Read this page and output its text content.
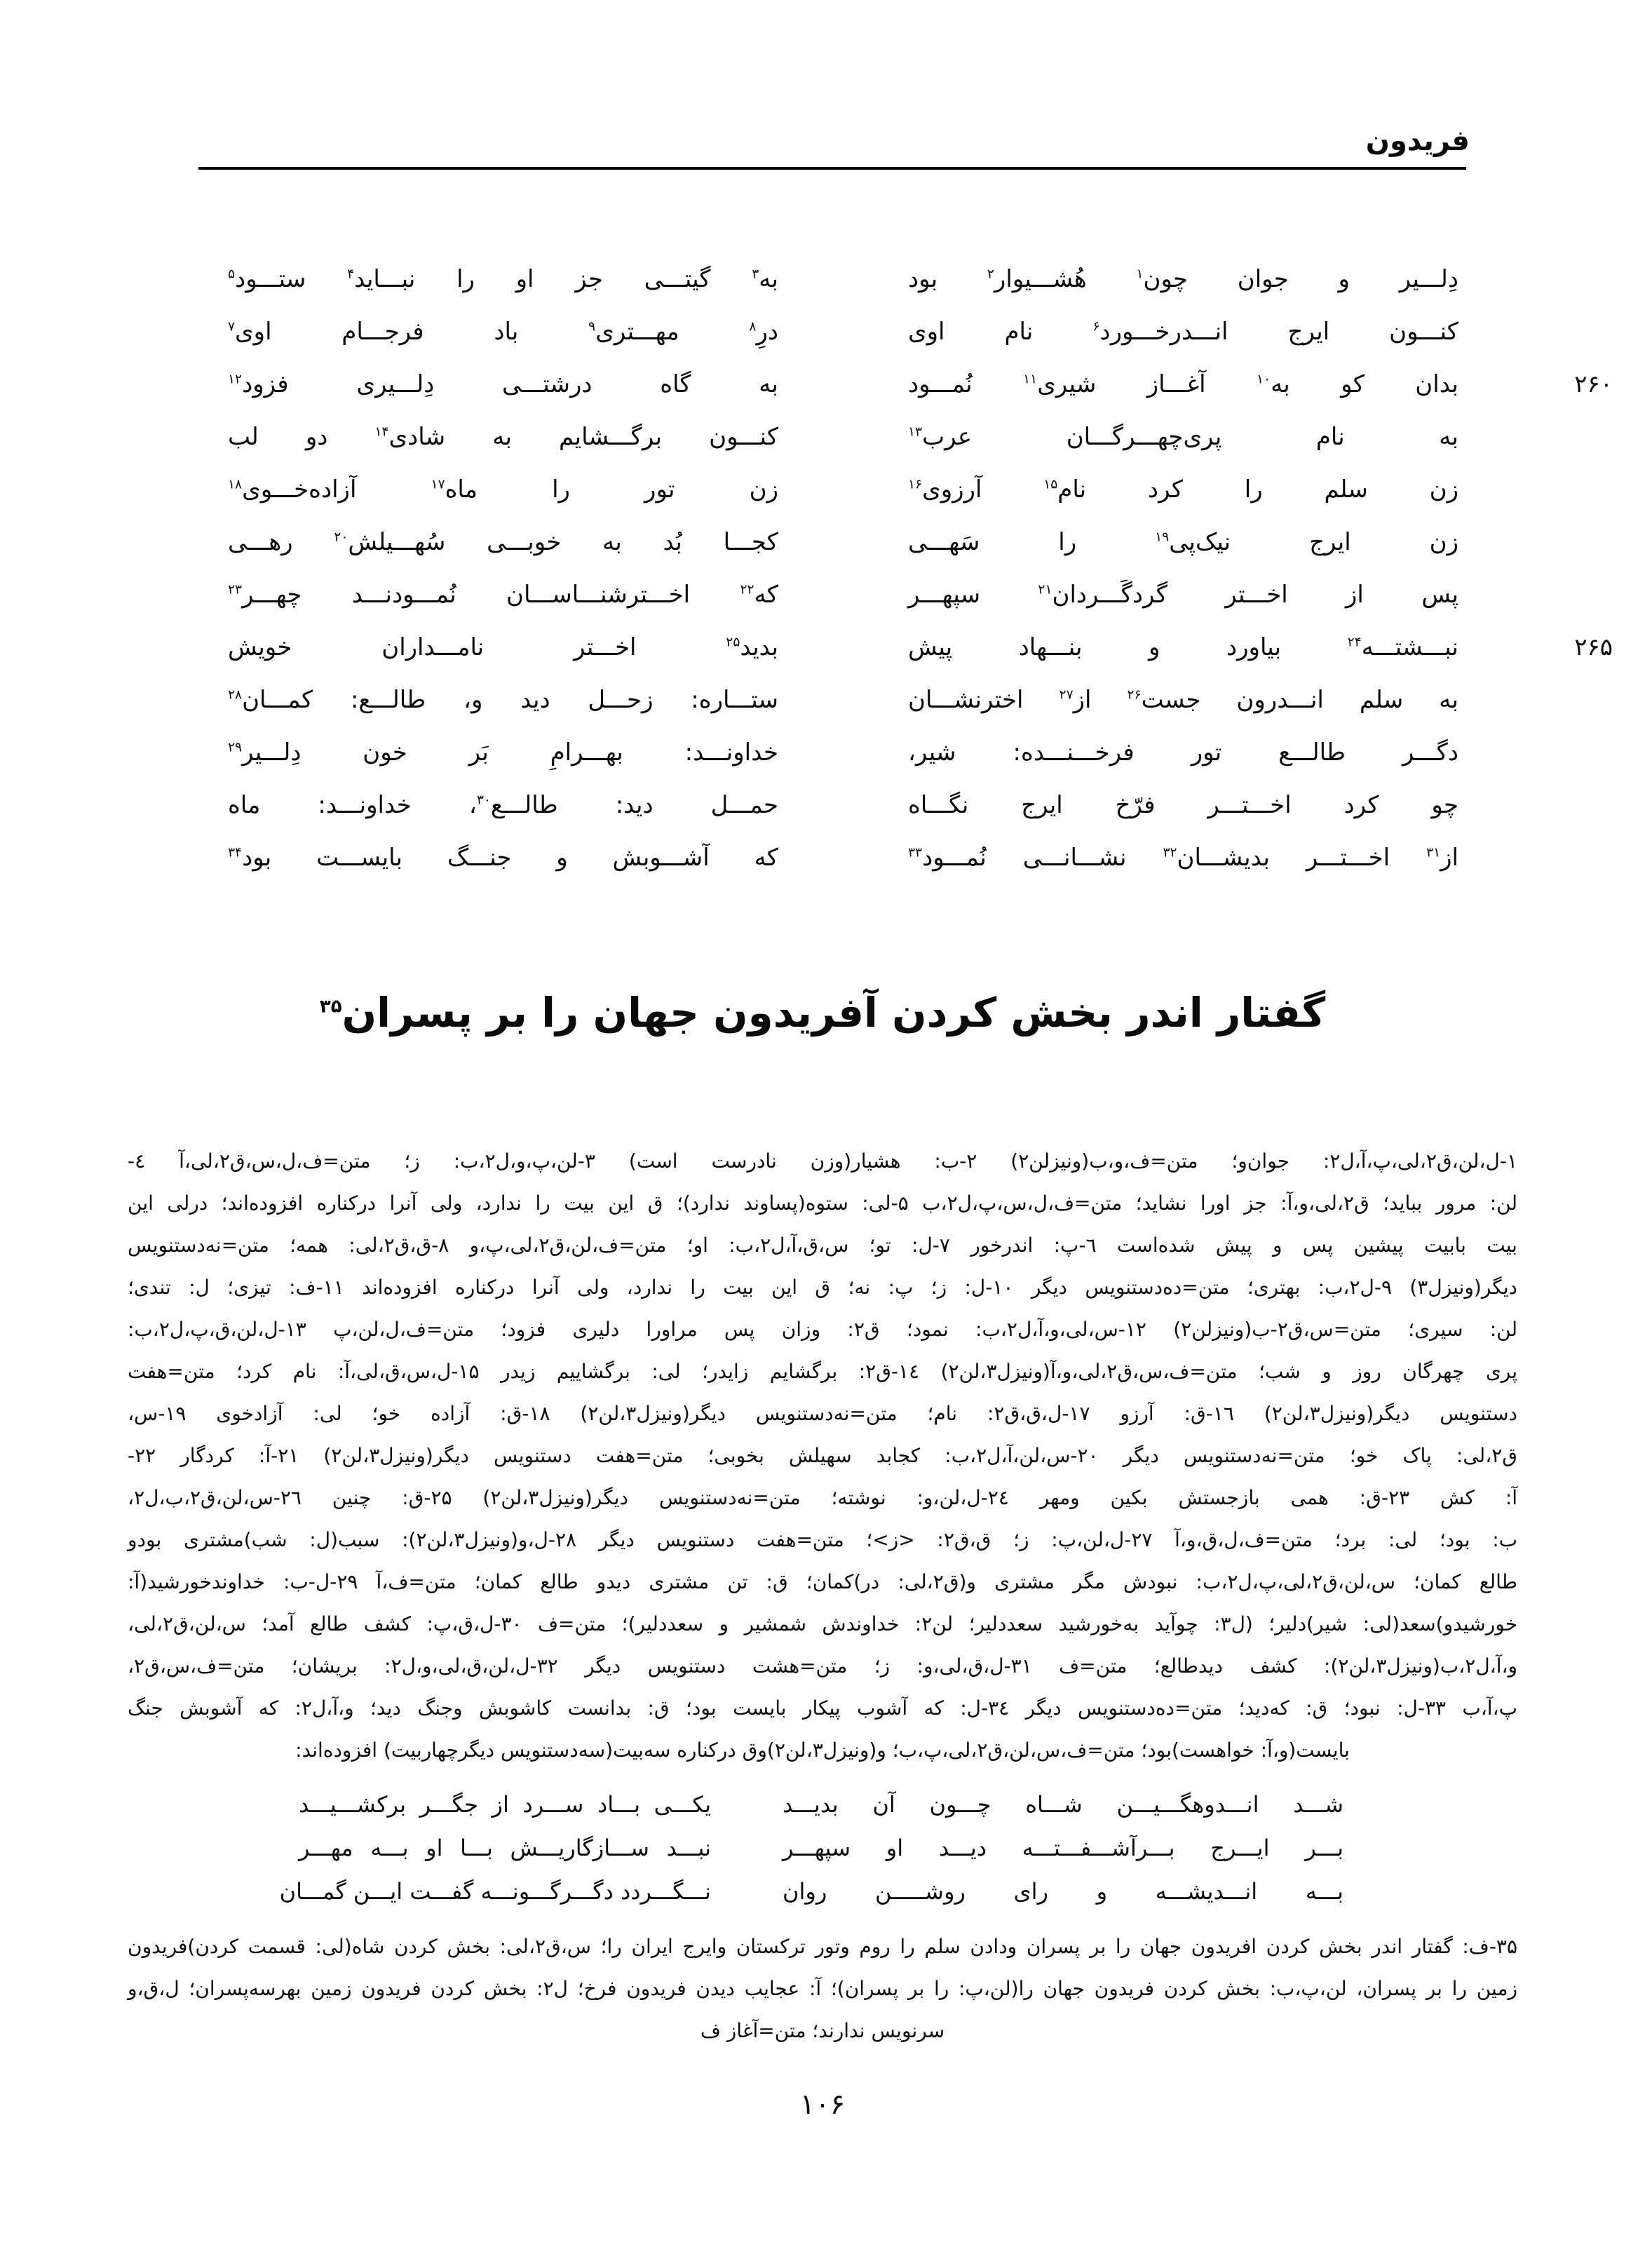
فریدون
دِلـــیر و جوان چون$^۱$ هُشـــیوار$^۲$ بود
به$^۳$ گیتـــی جز او را نبـــاید$^۴$ ستـــود$^۵$
کنـــون ایرج انـــدرخـــورد$^۶$ نام اوی
درِ$^۸$ مهـــتری$^۹$ باد فرجـــام اوی$^۷$
۲۶۰
بدان کو به$^{۱۰}$ آغـــاز شیری$^{۱۱}$ نُمـــود
به گاه درشتـــی دِلـــیری فزود$^{۱۲}$
به نام پری‌چهـــرگـــان عرب$^{۱۳}$
کنـــون برگـــشایم به شادی$^{۱۴}$ دو لب
زن سلم را کرد نام$^{۱۵}$ آرزوی$^{۱۶}$
زن تور را ماه$^{۱۷}$ آزاده‌خـــوی$^{۱۸}$
زن ایرج نیک‌پی$^{۱۹}$ را سَهـــی
کجـــا بُد به خوبـــی سُهـــیلش$^{۲۰}$ رهـــی
پس از اخـــتر گردگَـــردان$^{۲۱}$ سپهـــر
که$^{۲۲}$ اخـــترشنـــاســـان نُمـــودنـــد چهـــر$^{۲۳}$
۲۶۵
نبـــشتـــه$^{۲۴}$ بیاورد و بنـــهاد پیش
بدید$^{۲۵}$ اخـــتر نامـــداران خویش
به سلم انـــدرون جست$^{۲۶}$ از$^{۲۷}$ اخترنشـــان
ستـــاره: زحـــل دید و، طالـــع: کمـــان$^{۲۸}$
دگـــر طالـــع تور فرخـــنـــده: شیر،
خداونـــد: بهـــرامِ بَر خون دِلـــیر$^{۲۹}$
چو کرد اخـــتـــر فرّخ ایرج نگـــاه
حمـــل دید: طالـــع$^{۳۰}$، خداونـــد: ماه
از$^{۳۱}$ اخـــتـــر بدیشـــان$^{۳۲}$ نشـــانـــی نُمـــود$^{۳۳}$
که آشـــوبش و جنـــگ بایســـت بود$^{۳۴}$
گفتار اندر بخش کردن آفریدون جهان را بر پسران$^{۳۵}$
۱-ل،لن،ق۲،لی،پ،آ،ل۲: جوان‌و؛ متن=ف،و،ب(ونیزلن۲) ۲-ب: هشیار(وزن نادرست است) ۳-لن،پ،و،ل۲،ب: ز؛ متن=ف،ل،س،ق۲،لی،آ ٤-
لن: مرور بباید؛ ق۲،لی،و،آ: جز اورا نشاید؛ متن=ف،ل،س،پ،ل۲،ب ۵-لی: ستوه(پساوند ندارد)؛ ق این بیت را ندارد، ولی آنرا درکناره افزوده‌اند؛ درلی این
بیت بابیت پیشین پس و پیش شده‌است ٦-پ: اندرخور ۷-ل: تو؛ س،ق،آ،ل۲،ب: او؛ متن=ف،لن،ق۲،لی،پ،و ۸-ق،ق۲،لی: همه؛ متن=نه‌دستنویس
دیگر(ونیزل۳) ۹-ل۲،ب: بهتری؛ متن=ده‌دستنویس دیگر ۱۰-ل: ز؛ پ: نه؛ ق این بیت را ندارد، ولی آنرا درکناره افزوده‌اند ۱۱-ف: تیزی؛ ل: تندی؛
لن: سیری؛ متن=س،ق۲-ب(ونیزلن۲) ۱۲-س،لی،و،آ،ل۲،ب: نمود؛ ق۲: وزان پس مراورا دلیری فزود؛ متن=ف،ل،لن،پ ۱۳-ل،لن،ق،پ،ل۲،ب:
پری چهرگان روز و شب؛ متن=ف،س،ق۲،لی،و،آ(ونیزل۳،لن۲) ۱٤-ق۲: برگشایم زایدر؛ لی: برگشاییم زیدر ۱۵-ل،س،ق،لی،آ: نام کرد؛ متن=هفت
دستنویس دیگر(ونیزل۳،لن۲) ۱٦-ق: آرزو ۱۷-ل،ق،ق۲: نام؛ متن=نه‌دستنویس دیگر(ونیزل۳،لن۲) ۱۸-ق: آزاده خو؛ لی: آزادخوی ۱۹-س،
ق۲،لی: پاک خو؛ متن=نه‌دستنویس دیگر ۲۰-س،لن،آ،ل۲،ب: کجابد سهیلش بخوبی؛ متن=هفت دستنویس دیگر(ونیزل۳،لن۲) ۲۱-آ: کردگار ۲۲-
آ: کش ۲۳-ق: همی بازجستش بکین ومهر ۲٤-ل،لن،و: نوشته؛ متن=نه‌دستنویس دیگر(ونیزل۳،لن۲) ۲۵-ق: چنین ۲٦-س،لن،ق۲،ب،ل۲،
ب: بود؛ لی: برد؛ متن=ف،ل،ق،و،آ ۲۷-ل،لن،پ: ز؛ ق،ق۲: <ز>؛ متن=هفت دستنویس دیگر ۲۸-ل،و(ونیزل۳،لن۲): سبب(ل: شب)مشتری بودو
طالع کمان؛ س،لن،ق۲،لی،پ،ل۲،ب: نبودش مگر مشتری و(ق۲،لی: در)کمان؛ ق: تن مشتری دیدو طالع کمان؛ متن=ف،آ ۲۹-ل-ب: خداوندخورشید(آ:
خورشیدو)سعد(لی: شیر)دلیر؛ (ل۳: چوآید به‌خورشید سعددلیر؛ لن۲: خداوندش شمشیر و سعددلیر)؛ متن=ف ۳۰-ل،ق،پ: کشف طالع آمد؛ س،لن،ق۲،لی،
و،آ،ل۲،ب(ونیزل۳،لن۲): کشف دیدطالع؛ متن=ف ۳۱-ل،ق،لی،و: ز؛ متن=هشت دستنویس دیگر ۳۲-ل،لن،ق،لی،و،ل۲: بریشان؛ متن=ف،س،ق۲،
پ،آ،ب ۳۳-ل: نبود؛ ق: که‌دید؛ متن=ده‌دستنویس دیگر ۳٤-ل: که آشوب پیکار بایست بود؛ ق: بدانست کاشوبش وجنگ دید؛ و،آ،ل۲: که آشوبش جنگ
بایست(و،آ: خواهست)بود؛ متن=ف،س،لن،ق۲،لی،پ،ب؛ و(ونیزل۳،لن۲)وق درکناره سه‌بیت(سه‌دستنویس دیگرچهاربیت) افزوده‌اند:
شـــد انـــدوهگـــیـــن شـــاه چـــون آن بدیـــد
یکـــی بـــاد ســـرد از جگـــر برکشـــیـــد
بـــر ایـــرج بـــرآشـــفـــتـــه دیـــد او سپهـــر
نبـــد ســـازگاریـــش بـــا او بـــه مهـــر
بـــه انـــدیشـــه و رای روشـــــن روان
نـــگـــردد دگـــرگـــونـــه گفـــت ایـــن گمـــان
۳۵-ف: گفتار اندر بخش کردن افریدون جهان را بر پسران ودادن سلم را روم وتور ترکستان وایرج ایران را؛ س،ق۲،لی: بخش کردن شاه(لی: قسمت کردن)فریدون
زمین را بر پسران، لن،پ،ب: بخش کردن فریدون جهان را(لن،پ: را بر پسران)؛ آ: عجایب دیدن فریدون فرخ؛ ل۲: بخش کردن فریدون زمین بهرسه‌پسران؛ ل،ق،و
سرنویس ندارند؛ متن=آغاز ف
۱۰۶
